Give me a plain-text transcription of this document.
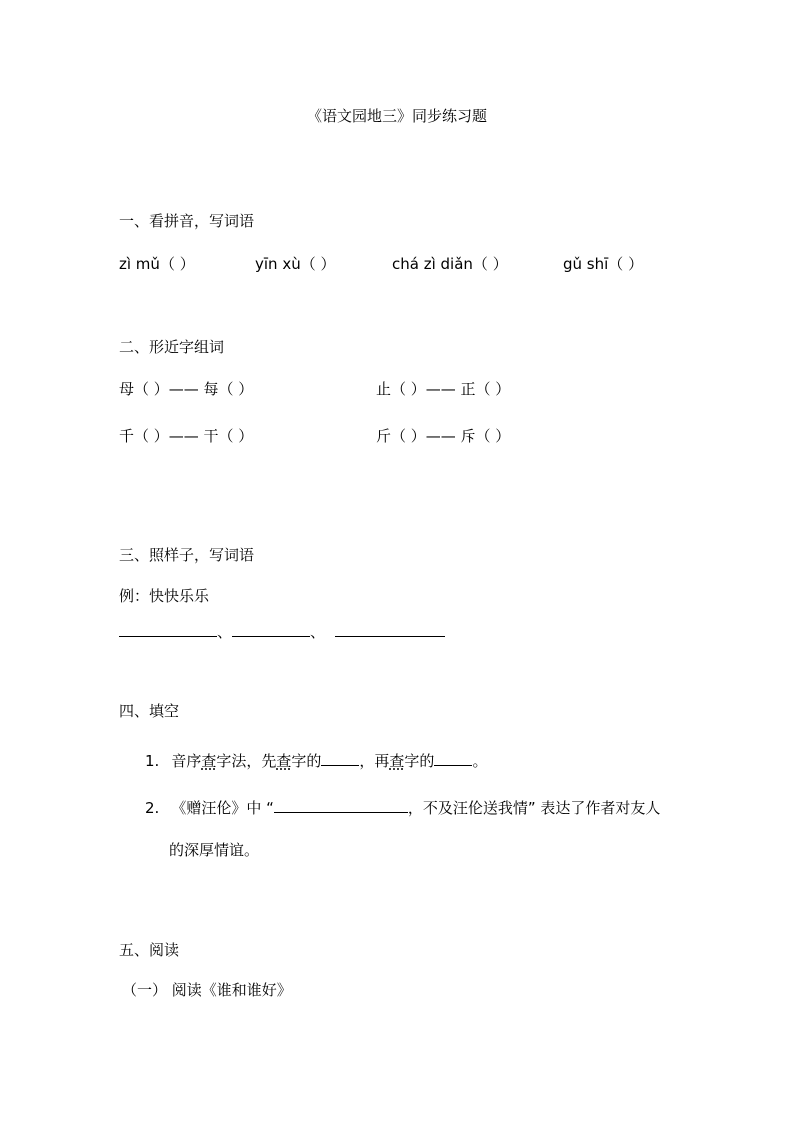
《语文园地三》同步练习题
一、看拼音，写词语
zì mǔ（ ）	yīn xù（ ）	chá zì diǎn（ ）	gǔ shī（ ）
二、形近字组词
母（ ）—— 每（ ）	止（ ）—— 正（ ）
千（ ）—— 干（ ）	斤（ ）—— 斥（ ）
三、照样子，写词语
例：快快乐乐
、	、
四、填空
1. 音序查字法，先查字的	，再查字的	。
2. 《赠汪伦》中 “	，不及汪伦送我情” 表达了作者对友人
的深厚情谊。
五、阅读
（一） 阅读《谁和谁好》
